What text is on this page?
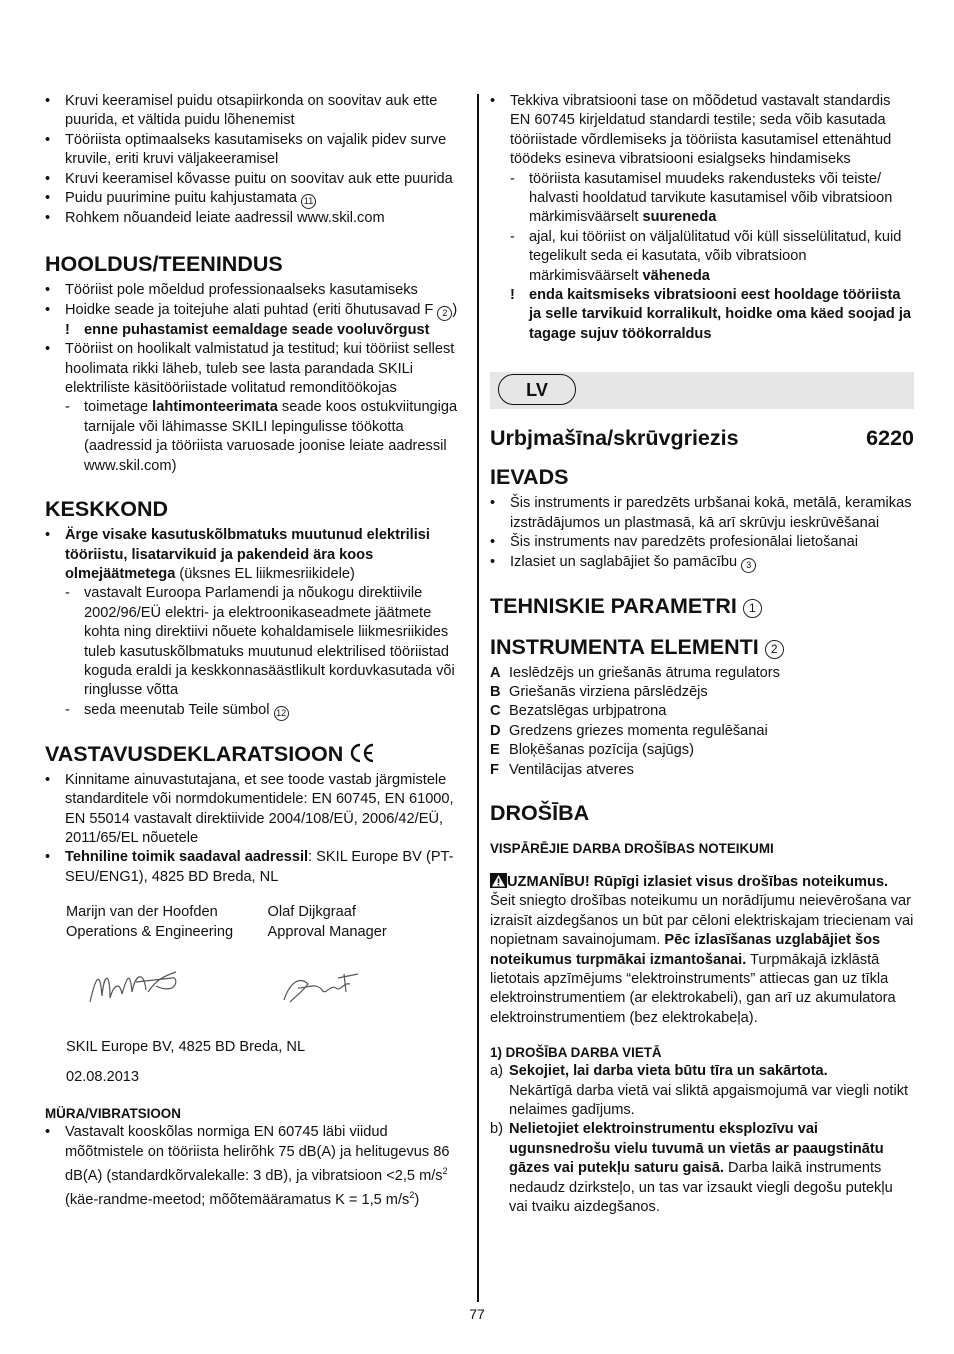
• Kruvi keeramisel puidu otsapiirkonda on soovitav auk ette puurida, et vältida puidu lõhenemist
• Tööriista optimaalseks kasutamiseks on vajalik pidev surve kruvile, eriti kruvi väljakeeramisel
• Kruvi keeramisel kõvasse puitu on soovitav auk ette puurida
• Puidu puurimine puitu kahjustamata 11
• Rohkem nõuandeid leiate aadressil www.skil.com
HOOLDUS/TEENINDUS
• Tööriist pole mõeldud professionaalseks kasutamiseks
• Hoidke seade ja toitejuhe alati puhtad (eriti õhutusavad F 2 )
! enne puhastamist eemaldage seade vooluvõrgust
• Tööriist on hoolikalt valmistatud ja testitud; kui tööriist sellest hoolimata rikki läheb, tuleb see lasta parandada SKILi elektriliste käsitööriistade volitatud remonditöökojas
- toimetage lahtimonteerimata seade koos ostukviitungiga tarnijale või lähimasse SKILI lepingulisse töökotta (aadressid ja tööriista varuosade joonise leiate aadressil www.skil.com)
KESKKOND
• Ärge visake kasutuskõlbmatuks muutunud elektrilisi tööriistu, lisatarvikuid ja pakendeid ära koos olmejäätmetega (üksnes EL liikmesriikidele)
- vastavalt Euroopa Parlamendi ja nõukogu direktiivile 2002/96/EÜ elektri- ja elektroonikaseadmete jäätmete kohta ning direktiivi nõuete kohaldamisele liikmesriikides tuleb kasutuskõlbmatuks muutunud elektrilised tööriistad koguda eraldi ja keskkonnasäästlikult korduvkasutada või ringlusse võtta
- seda meenutab Teile sümbol 12
VASTAVUSDEKLARATSIOON
• Kinnitame ainuvastutajana, et see toode vastab järgmistele standarditele või normdokumentidele: EN 60745, EN 61000, EN 55014 vastavalt direktiivide 2004/108/EÜ, 2006/42/EÜ, 2011/65/EL nõuetele
• Tehniline toimik saadaval aadressil: SKIL Europe BV (PT-SEU/ENG1), 4825 BD Breda, NL
Marijn van der Hoofden
Operations & Engineering
Olaf Dijkgraaf
Approval Manager
SKIL Europe BV, 4825 BD Breda, NL
02.08.2013
MÜRA/VIBRATSIOON
• Vastavalt kooskõlas normiga EN 60745 läbi viidud mõõtmistele on tööriista helirõhk 75 dB(A) ja helitugevus 86 dB(A) (standardkõrvalekalle: 3 dB), ja vibratsioon <2,5 $m/s^2$ (käe-randme-meetod; mõõtemääramatus K = 1,5 $m/s^2$)
• Tekkiva vibratsiooni tase on mõõdetud vastavalt standardis EN 60745 kirjeldatud standardi testile; seda võib kasutada tööriistade võrdlemiseks ja tööriista kasutamisel ettenähtud töödeks esineva vibratsiooni esialgseks hindamiseks
- tööriista kasutamisel muudeks rakendusteks või teiste/ halvasti hooldatud tarvikute kasutamisel võib vibratsioon märkimisväärselt suureneda
- ajal, kui tööriist on väljalülitatud või küll sisselülitatud, kuid tegelikult seda ei kasutata, võib vibratsioon märkimisväärselt väheneda
! enda kaitsmiseks vibratsiooni eest hooldage tööriista ja selle tarvikuid korralikult, hoidke oma käed soojad ja tagage sujuv töökorraldus
LV
Urbjmašīna/skrūvgriezis	6220
IEVADS
• Šis instruments ir paredzēts urbšanai kokā, metālā, keramikas izstrādājumos un plastmasā, kā arī skrūvju ieskrūvēšanai
• Šis instruments nav paredzēts profesionālai lietošanai
• Izlasiet un saglabājiet šo pamācību 3
TEHNISKIE PARAMETRI 1
INSTRUMENTA ELEMENTI 2
A Ieslēdzējs un griešanās ātruma regulators
B Griešanās virziena pārslēdzējs
C Bezatslēgas urbjpatrona
D Gredzens griezes momenta regulēšanai
E Bloķēšanas pozīcija (sajūgs)
F Ventilācijas atveres
DROŠĪBA
VISPĀRĒJIE DARBA DROŠĪBAS NOTEIKUMI

UZMANĪBU! Rūpīgi izlasiet visus drošības noteikumus. Šeit sniegto drošības noteikumu un norādījumu neievērošana var izraisīt aizdegšanos un būt par cēloni elektriskajam triecienam vai nopietnam savainojumam. Pēc izlasīšanas uzglabājiet šos noteikumus turpmākai izmantošanai. Turpmākajā izklāstā lietotais apzīmējums “elektroinstruments” attiecas gan uz tīkla elektroinstrumentiem (ar elektrokabeli), gan arī uz akumulatora elektroinstrumentiem (bez elektrokabeļa).

1) DROŠĪBA DARBA VIETĀ
a) Sekojiet, lai darba vieta būtu tīra un sakārtota.
Nekārtīgā darba vietā vai sliktā apgaismojumā var viegli notikt nelaimes gadījums.
b) Nelietojiet elektroinstrumentu eksplozīvu vai ugunsnedrošu vielu tuvumā un vietās ar paaugstinātu gāzes vai putekļu saturu gaisā. Darba laikā instruments nedaudz dzirksteļo, un tas var izsaukt viegli degošu putekļu vai tvaiku aizdegšanos.
77
